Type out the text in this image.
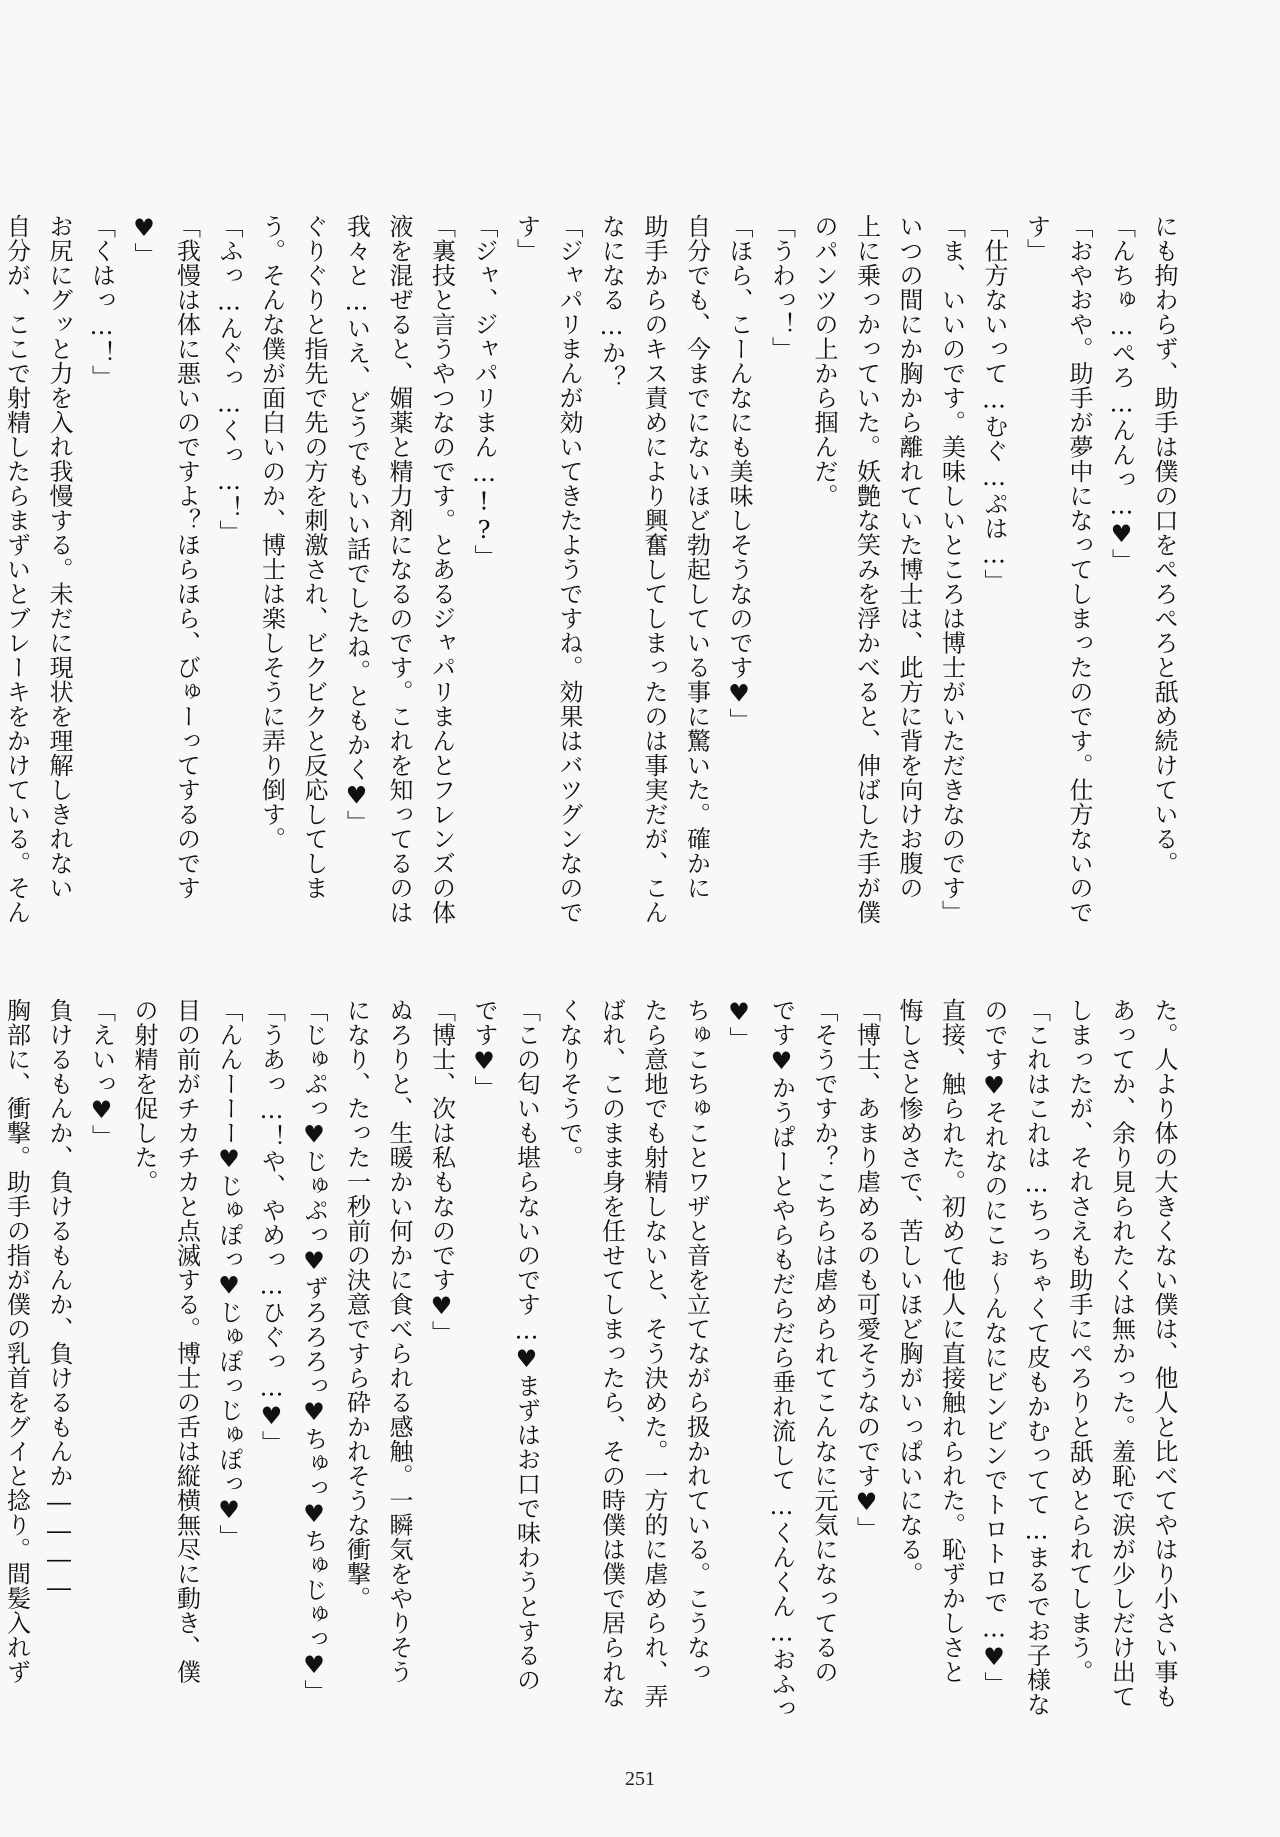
にも拘わらず、助手は僕の口をぺろぺろと舐め続けている。
「んちゅ…ぺろ…んんっ…♥」
「おやおや。助手が夢中になってしまったのです。仕方ないので
す」
「仕方ないって…むぐ…ぷは…」
「ま、いいのです。美味しいところは博士がいただきなのです」
いつの間にか胸から離れていた博士は、此方に背を向けお腹の
上に乗っかっていた。妖艶な笑みを浮かべると、伸ばした手が僕
のパンツの上から掴んだ。
「うわっ！」
「ほら、こーんなにも美味しそうなのです♥」
自分でも、今までにないほど勃起している事に驚いた。確かに
助手からのキス責めにより興奮してしまったのは事実だが、こん
なになる…か？
「ジャパリまんが効いてきたようですね。効果はバツグンなので
す」
「ジャ、ジャパリまん…!?」
「裏技と言うやつなのです。とあるジャパリまんとフレンズの体
液を混ぜると、媚薬と精力剤になるのです。これを知ってるのは
我々と…いえ、どうでもいい話でしたね。ともかく♥」
ぐりぐりと指先で先の方を刺激され、ビクビクと反応してしま
う。そんな僕が面白いのか、博士は楽しそうに弄り倒す。
「ふっ…んぐっ…くっ…！」
「我慢は体に悪いのですよ？ほらほら、びゅーってするのです
♥」
「くはっ…！」
お尻にグッと力を入れ我慢する。未だに現状を理解しきれない
自分が、ここで射精したらまずいとブレーキをかけている。そん
た。人より体の大きくない僕は、他人と比べてやはり小さい事も
あってか、余り見られたくは無かった。羞恥で涙が少しだけ出て
しまったが、それさえも助手にぺろりと舐めとられてしまう。
「これはこれは…ちっちゃくて皮もかむってて…まるでお子様な
のです♥それなのにこぉ〜んなにビンビンでトロトロで…♥」
直接、触られた。初めて他人に直接触れられた。恥ずかしさと
悔しさと惨めさで、苦しいほど胸がいっぱいになる。
「博士、あまり虐めるのも可愛そうなのです♥」
「そうですか？こちらは虐められてこんなに元気になってるの
です♥かうぱーとやらもだらだら垂れ流して…くんくん…おふっ
♥」
ちゅこちゅことワザと音を立てながら扱かれている。こうなっ
たら意地でも射精しないと、そう決めた。一方的に虐められ、弄
ばれ、このまま身を任せてしまったら、その時僕は僕で居られな
くなりそうで。
「この匂いも堪らないのです…♥まずはお口で味わうとするの
です♥」
「博士、次は私もなのです♥」
ぬろりと、生暖かい何かに食べられる感触。一瞬気をやりそう
になり、たった一秒前の決意ですら砕かれそうな衝撃。
「じゅぷっ♥じゅぷっ♥ずろろろっ♥ちゅっ♥ちゅじゅっ♥」
「うあっ…！や、やめっ…ひぐっ…♥」
「んんーーー♥じゅぽっ♥じゅぽっじゅぽっ♥」
目の前がチカチカと点滅する。博士の舌は縦横無尽に動き、僕
の射精を促した。
「えいっ♥」
負けるもんか、負けるもんか、負けるもんか――――
胸部に、衝撃。助手の指が僕の乳首をグイと捻り。間髪入れず
251
